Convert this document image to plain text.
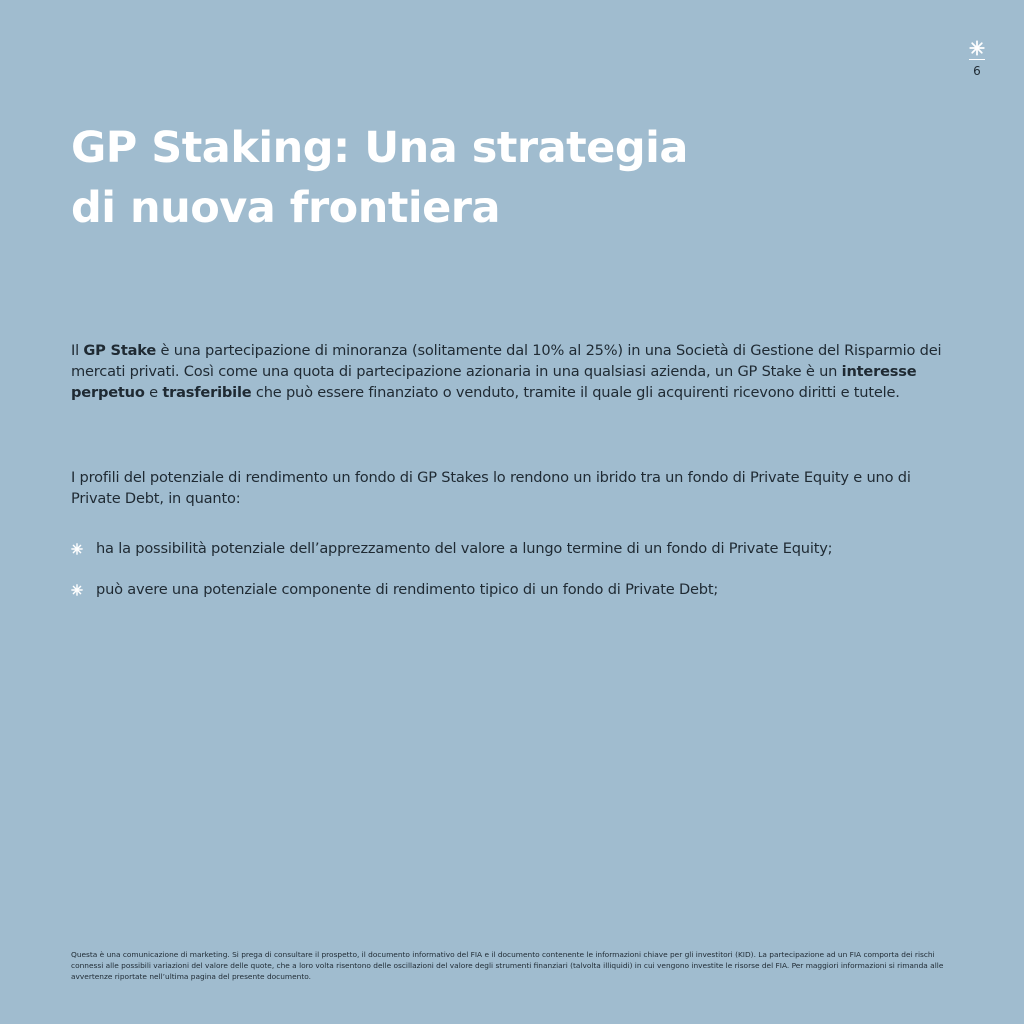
6
GP Staking: Una strategia
di nuova frontiera

Il GP Stake è una partecipazione di minoranza (solitamente dal 10% al 25%) in una Società di Gestione del Risparmio dei mercati privati. Così come una quota di partecipazione azionaria in una qualsiasi azienda, un GP Stake è un interesse perpetuo e trasferibile che può essere finanziato o venduto, tramite il quale gli acquirenti ricevono diritti e tutele.

I profili del potenziale di rendimento un fondo di GP Stakes lo rendono un ibrido tra un fondo di Private Equity e uno di Private Debt, in quanto:

ha la possibilità potenziale dell’apprezzamento del valore a lungo termine di un fondo di Private Equity;
può avere una potenziale componente di rendimento tipico di un fondo di Private Debt;

Questa è una comunicazione di marketing. Si prega di consultare il prospetto, il documento informativo del FIA e il documento contenente le informazioni chiave per gli investitori (KID). La partecipazione ad un FIA comporta dei rischi connessi alle possibili variazioni del valore delle quote, che a loro volta risentono delle oscillazioni del valore degli strumenti finanziari (talvolta illiquidi) in cui vengono investite le risorse del FIA. Per maggiori informazioni si rimanda alle avvertenze riportate nell’ultima pagina del presente documento.
